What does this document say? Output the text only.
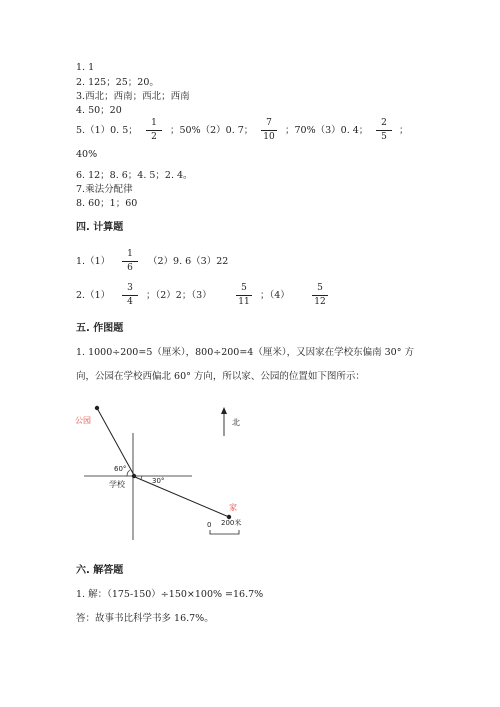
1. 1
2. 125；25；20。
3.西北；西南；西北；西南
4. 50；20
5.（1）0. 5；
1
2
；50%（2）0. 7；
7
10
；70%（3）0. 4；
2
5
；
40%
6. 12；8. 6；4. 5；2. 4。
7.乘法分配律
8. 60；1；60
四. 计算题
1.（1）
1
6
（2）9. 6（3）22
2.（1）
3
4
；（2）2；（3）
5
11
；（4）
5
12
五. 作图题
1. 1000÷200=5（厘米），800÷200=4（厘米），又因家在学校东偏南 30° 方
向，公园在学校西偏北 60° 方向，所以家、公园的位置如下图所示：
公园	北
60°
30°
学校
家
0 200米
六. 解答题
1. 解：（175-150）÷150×100% =16.7%
答：故事书比科学书多 16.7%。
